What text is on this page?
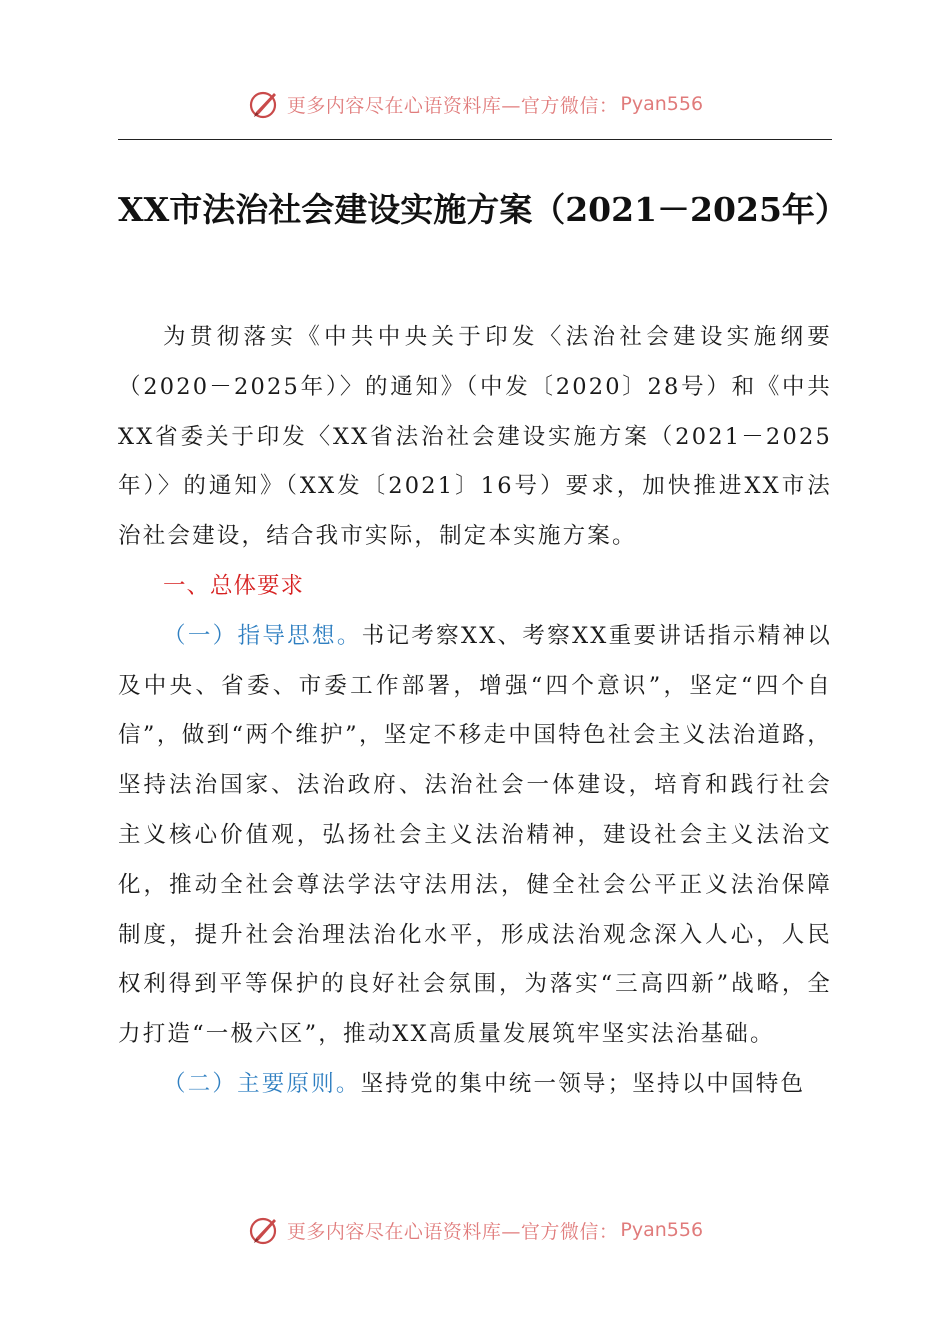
更多内容尽在心语资料库—官方微信： Pyan556
XX市法治社会建设实施方案（2021－2025年）

为贯彻落实《中共中央关于印发〈法治社会建设实施纲要（2020－2025年）〉的通知》（中发〔2020〕28号）和《中共XX省委关于印发〈XX省法治社会建设实施方案（2021－2025年）〉的通知》（XX发〔2021〕16号）要求，加快推进XX市法治社会建设，结合我市实际，制定本实施方案。

一、总体要求

（一）指导思想。书记考察XX、考察XX重要讲话指示精神以及中央、省委、市委工作部署，增强“四个意识”，坚定“四个自信”，做到“两个维护”，坚定不移走中国特色社会主义法治道路，坚持法治国家、法治政府、法治社会一体建设，培育和践行社会主义核心价值观，弘扬社会主义法治精神，建设社会主义法治文化，推动全社会尊法学法守法用法，健全社会公平正义法治保障制度，提升社会治理法治化水平，形成法治观念深入人心，人民权利得到平等保护的良好社会氛围，为落实“三高四新”战略，全力打造“一极六区”，推动XX高质量发展筑牢坚实法治基础。

（二）主要原则。坚持党的集中统一领导；坚持以中国特色

更多内容尽在心语资料库—官方微信： Pyan556
